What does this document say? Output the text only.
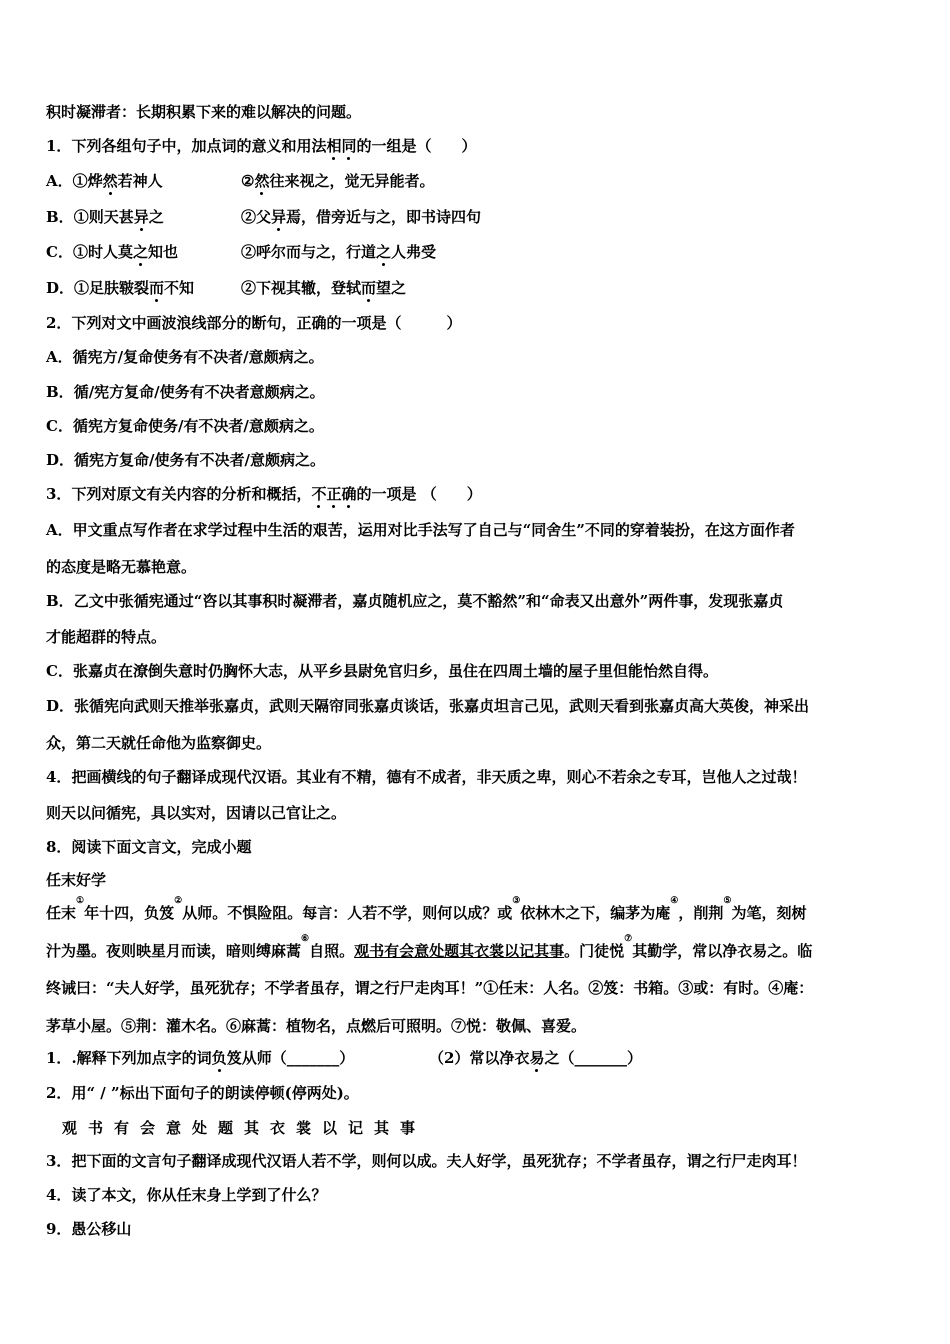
积时凝滞者：长期积累下来的难以解决的问题。
1．下列各组句子中，加点词的意义和用法相同的一组是（　　）
A．①烨然若神人	②然往来视之，觉无异能者。
B．①则天甚异之	②父异焉，借旁近与之，即书诗四句
C．①时人莫之知也	②呼尔而与之，行道之人弗受
D．①足肤皲裂而不知	②下视其辙，登轼而望之
2．下列对文中画波浪线部分的断句，正确的一项是（　　　）
A．循宪方/复命使务有不决者/意颇病之。
B．循/宪方复命/使务有不决者意颇病之。
C．循宪方复命使务/有不决者/意颇病之。
D．循宪方复命/使务有不决者/意颇病之。
3．下列对原文有关内容的分析和概括，不正确的一项是 （　　）
A．甲文重点写作者在求学过程中生活的艰苦，运用对比手法写了自己与“同舍生”不同的穿着装扮，在这方面作者
的态度是略无慕艳意。
B．乙文中张循宪通过“咨以其事积时凝滞者，嘉贞随机应之，莫不豁然”和“命表又出意外”两件事，发现张嘉贞
才能超群的特点。
C．张嘉贞在潦倒失意时仍胸怀大志，从平乡县尉免官归乡，虽住在四周土墙的屋子里但能怡然自得。
D．张循宪向武则天推举张嘉贞，武则天隔帘同张嘉贞谈话，张嘉贞坦言己见，武则天看到张嘉贞高大英俊，神采出
众，第二天就任命他为监察御史。
4．把画横线的句子翻译成现代汉语。其业有不精，德有不成者，非天质之卑，则心不若余之专耳，岂他人之过哉！
则天以问循宪，具以实对，因请以己官让之。
8．阅读下面文言文，完成小题
任末好学
任末①年十四，负笈②从师。不惧险阻。每言：人若不学，则何以成？或③依林木之下，编茅为庵④，削荆⑤为笔，刻树
汁为墨。夜则映星月而读，暗则缚麻蒿⑥自照。观书有会意处题其衣裳以记其事。门徒悦⑦其勤学，常以净衣易之。临
终诫曰：“夫人好学，虽死犹存；不学者虽存，谓之行尸走肉耳！”①任末：人名。②笈：书箱。③或：有时。④庵：
茅草小屋。⑤荆：灌木名。⑥麻蒿：植物名，点燃后可照明。⑦悦：敬佩、喜爱。
1．.解释下列加点字的词负笈从师（_______）	（2）常以净衣易之（_______）
2．用“ / ”标出下面句子的朗读停顿(停两处)。
观书有会意处题其衣裳以记其事
3．把下面的文言句子翻译成现代汉语人若不学，则何以成。夫人好学，虽死犹存；不学者虽存，谓之行尸走肉耳！
4．读了本文，你从任末身上学到了什么？
9．愚公移山
